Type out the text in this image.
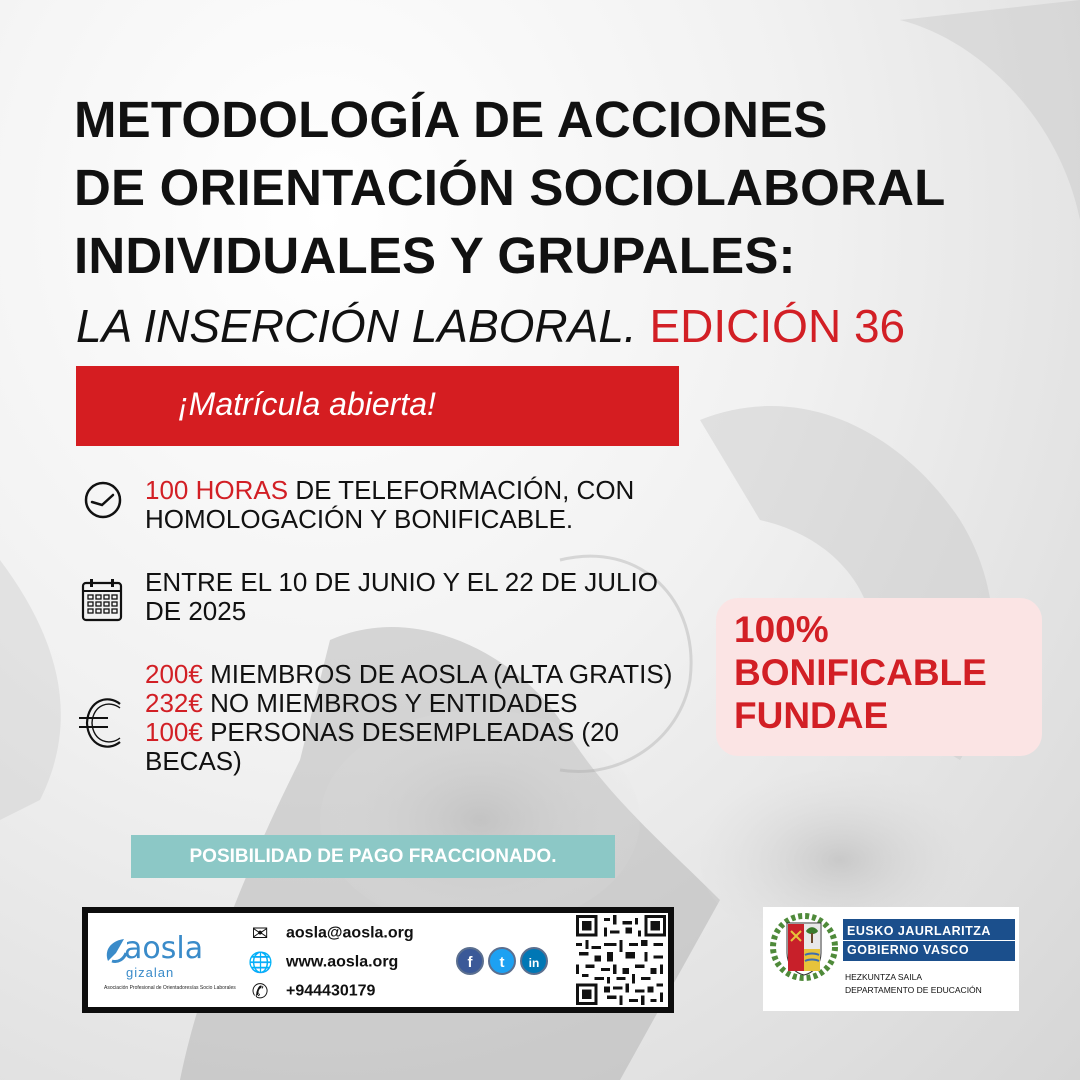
METODOLOGÍA DE ACCIONES
DE ORIENTACIÓN SOCIOLABORAL
INDIVIDUALES Y GRUPALES:
LA INSERCIÓN LABORAL. EDICIÓN 36
¡Matrícula abierta!
100 HORAS DE TELEFORMACIÓN, CON HOMOLOGACIÓN Y BONIFICABLE.
ENTRE EL 10 DE JUNIO Y EL 22 DE JULIO DE 2025
200€ MIEMBROS DE AOSLA (ALTA GRATIS)
232€ NO MIEMBROS Y ENTIDADES
100€ PERSONAS DESEMPLEADAS (20 BECAS)
POSIBILIDAD DE PAGO FRACCIONADO.
100%
BONIFICABLE
FUNDAE
aosla
gizalan
Asociación Profesional de Orientadores/as Socio Laborales
✉ aosla@aosla.org
🌐 www.aosla.org
✆ +944430179
f t in
EUSKO JAURLARITZA
GOBIERNO VASCO
HEZKUNTZA SAILA
DEPARTAMENTO DE EDUCACIÓN
